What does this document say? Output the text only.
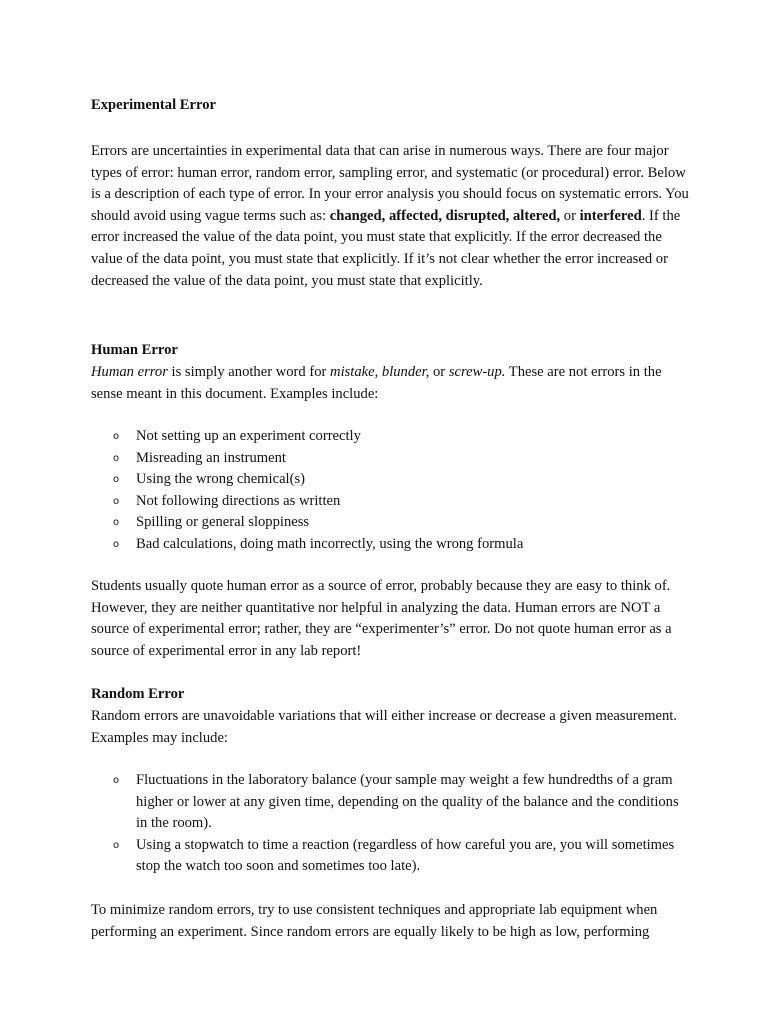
Experimental Error

Errors are uncertainties in experimental data that can arise in numerous ways. There are four major types of error: human error, random error, sampling error, and systematic (or procedural) error. Below is a description of each type of error. In your error analysis you should focus on systematic errors. You should avoid using vague terms such as: changed, affected, disrupted, altered, or interfered. If the error increased the value of the data point, you must state that explicitly. If the error decreased the value of the data point, you must state that explicitly. If it’s not clear whether the error increased or decreased the value of the data point, you must state that explicitly.

Human Error

Human error is simply another word for mistake, blunder, or screw-up. These are not errors in the sense meant in this document. Examples include:

o Not setting up an experiment correctly
o Misreading an instrument
o Using the wrong chemical(s)
o Not following directions as written
o Spilling or general sloppiness
o Bad calculations, doing math incorrectly, using the wrong formula

Students usually quote human error as a source of error, probably because they are easy to think of. However, they are neither quantitative nor helpful in analyzing the data. Human errors are NOT a source of experimental error; rather, they are “experimenter’s” error. Do not quote human error as a source of experimental error in any lab report!

Random Error

Random errors are unavoidable variations that will either increase or decrease a given measurement. Examples may include:

o Fluctuations in the laboratory balance (your sample may weight a few hundredths of a gram higher or lower at any given time, depending on the quality of the balance and the conditions in the room).
o Using a stopwatch to time a reaction (regardless of how careful you are, you will sometimes stop the watch too soon and sometimes too late).

To minimize random errors, try to use consistent techniques and appropriate lab equipment when performing an experiment. Since random errors are equally likely to be high as low, performing
